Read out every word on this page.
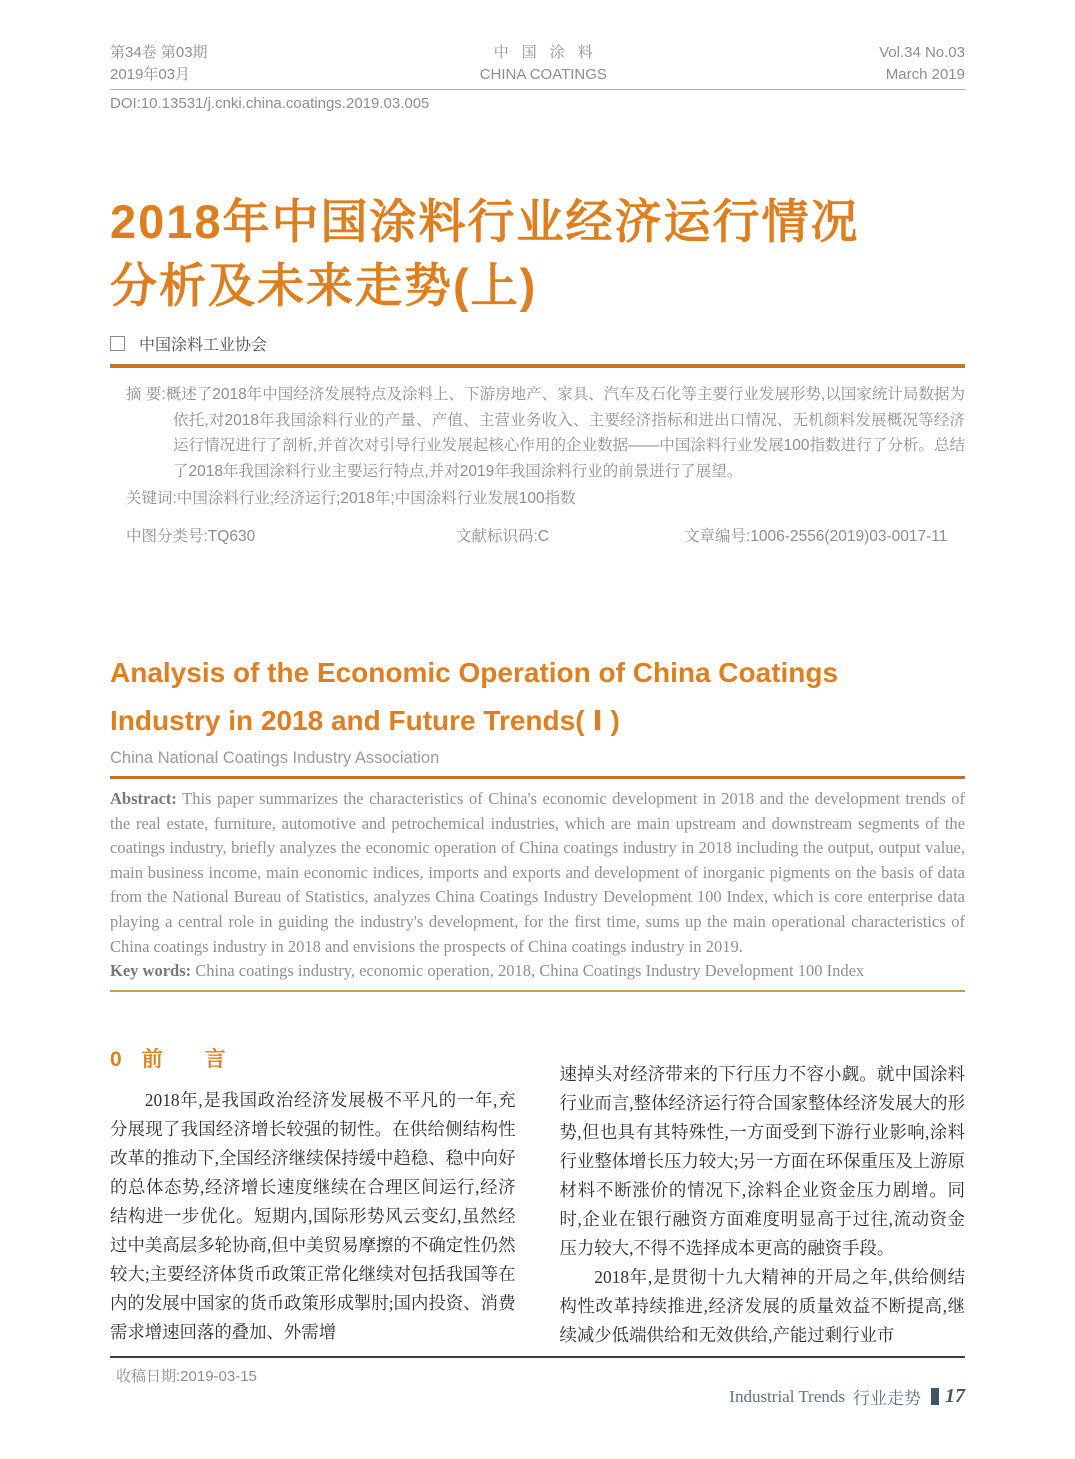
第34卷 第03期
2019年03月
中国涂料
CHINA COATINGS
Vol.34 No.03
March 2019
DOI:10.13531/j.cnki.china.coatings.2019.03.005
2018年中国涂料行业经济运行情况
分析及未来走势(上)
中国涂料工业协会

摘 要:概述了2018年中国经济发展特点及涂料上、下游房地产、家具、汽车及石化等主要行业发展形势,以国家统计局数据为依托,对2018年我国涂料行业的产量、产值、主营业务收入、主要经济指标和进出口情况、无机颜料发展概况等经济运行情况进行了剖析,并首次对引导行业发展起核心作用的企业数据——中国涂料行业发展100指数进行了分析。总结了2018年我国涂料行业主要运行特点,并对2019年我国涂料行业的前景进行了展望。

关键词:中国涂料行业;经济运行;2018年;中国涂料行业发展100指数

中图分类号:TQ630	文献标识码:C	文章编号:1006-2556(2019)03-0017-11
Analysis of the Economic Operation of China Coatings
Industry in 2018 and Future Trends( Ⅰ )
China National Coatings Industry Association

Abstract: This paper summarizes the characteristics of China's economic development in 2018 and the development trends of the real estate, furniture, automotive and petrochemical industries, which are main upstream and downstream segments of the coatings industry, briefly analyzes the economic operation of China coatings industry in 2018 including the output, output value, main business income, main economic indices, imports and exports and development of inorganic pigments on the basis of data from the National Bureau of Statistics, analyzes China Coatings Industry Development 100 Index, which is core enterprise data playing a central role in guiding the industry's development, for the first time, sums up the main operational characteristics of China coatings industry in 2018 and envisions the prospects of China coatings industry in 2019.

Key words: China coatings industry, economic operation, 2018, China Coatings Industry Development 100 Index

0 前 言

2018年,是我国政治经济发展极不平凡的一年,充分展现了我国经济增长较强的韧性。在供给侧结构性改革的推动下,全国经济继续保持缓中趋稳、稳中向好的总体态势,经济增长速度继续在合理区间运行,经济结构进一步优化。短期内,国际形势风云变幻,虽然经过中美高层多轮协商,但中美贸易摩擦的不确定性仍然较大;主要经济体货币政策正常化继续对包括我国等在内的发展中国家的货币政策形成掣肘;国内投资、消费需求增速回落的叠加、外需增

速掉头对经济带来的下行压力不容小觑。就中国涂料行业而言,整体经济运行符合国家整体经济发展大的形势,但也具有其特殊性,一方面受到下游行业影响,涂料行业整体增长压力较大;另一方面在环保重压及上游原材料不断涨价的情况下,涂料企业资金压力剧增。同时,企业在银行融资方面难度明显高于过往,流动资金压力较大,不得不选择成本更高的融资手段。

2018年,是贯彻十九大精神的开局之年,供给侧结构性改革持续推进,经济发展的质量效益不断提高,继续减少低端供给和无效供给,产能过剩行业市

收稿日期:2019-03-15
Industrial Trends 行业走势 17
